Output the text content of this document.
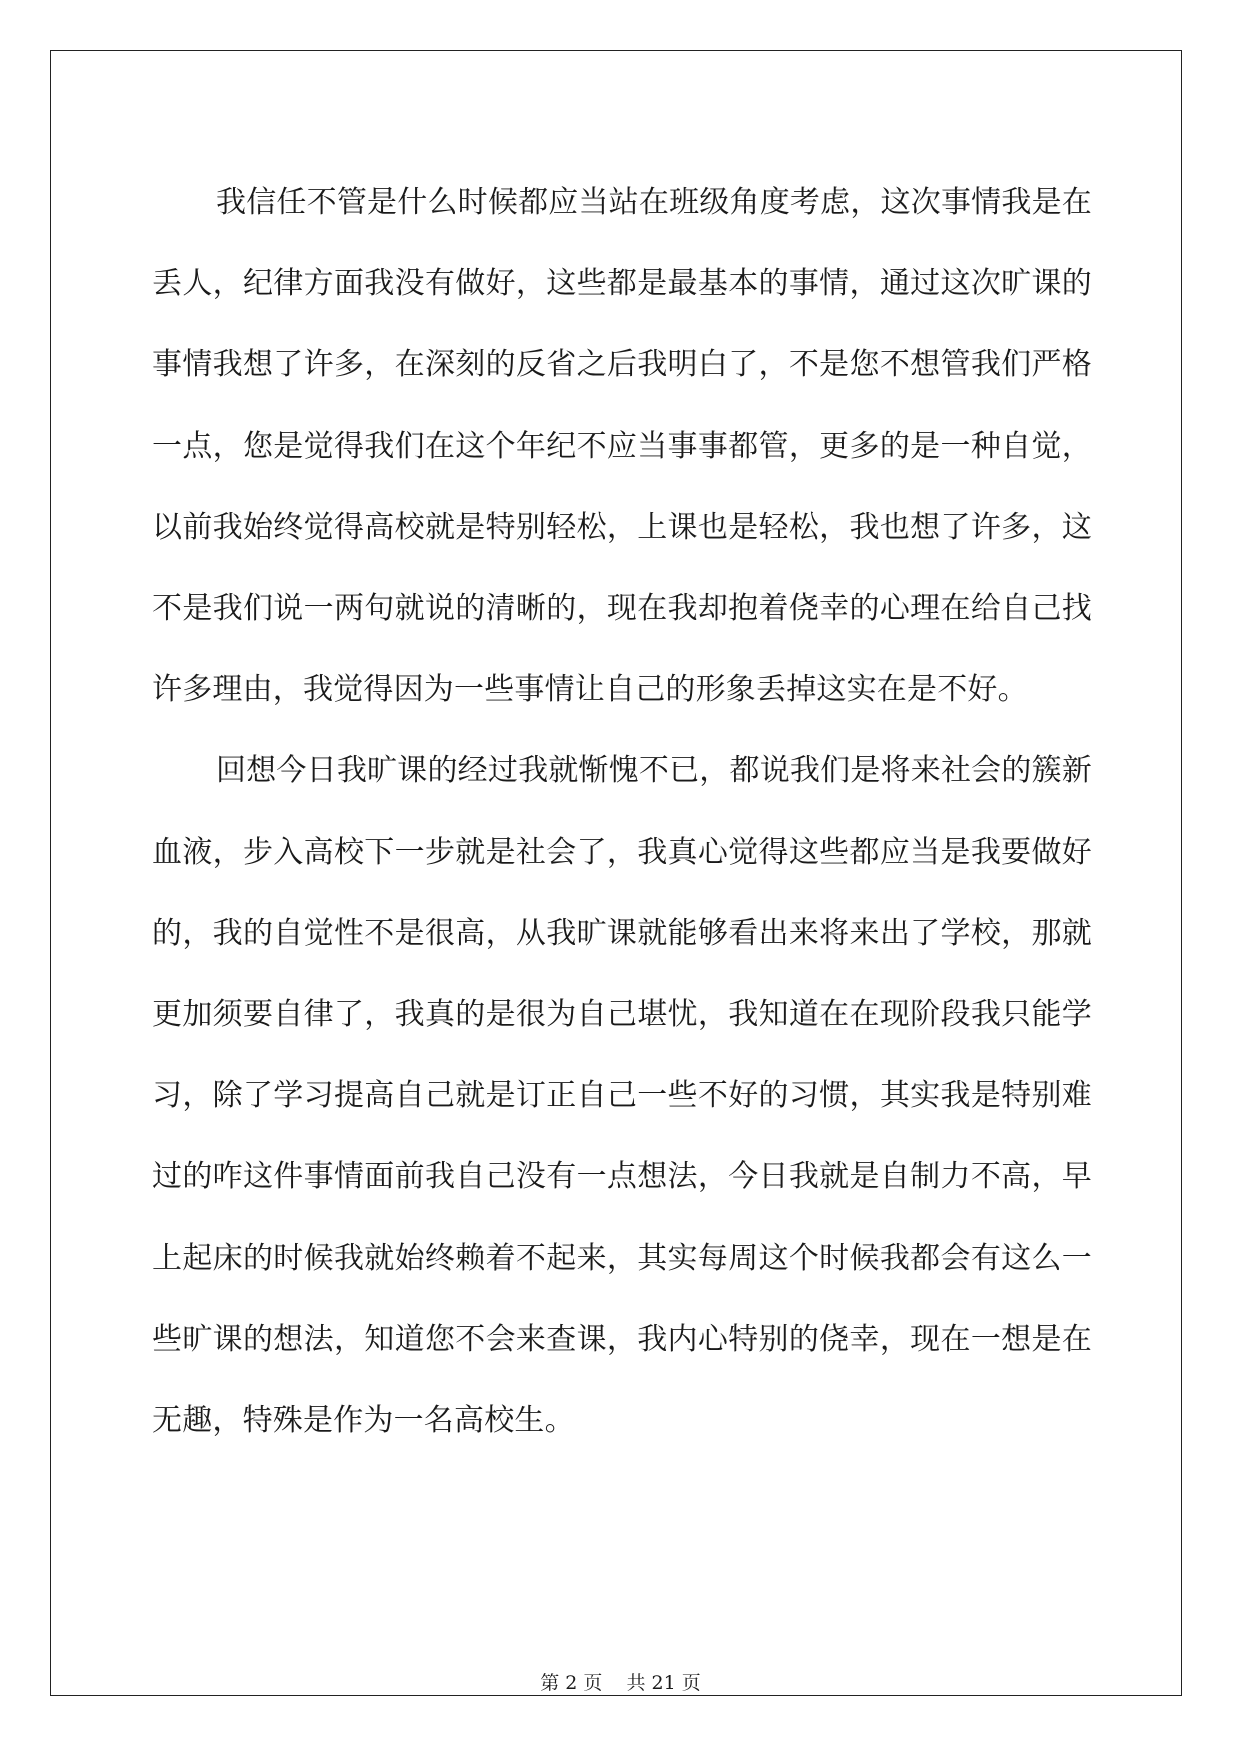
我信任不管是什么时候都应当站在班级角度考虑，这次事情我是在丢人，纪律方面我没有做好，这些都是最基本的事情，通过这次旷课的事情我想了许多，在深刻的反省之后我明白了，不是您不想管我们严格一点，您是觉得我们在这个年纪不应当事事都管，更多的是一种自觉，以前我始终觉得高校就是特别轻松，上课也是轻松，我也想了许多，这不是我们说一两句就说的清晰的，现在我却抱着侥幸的心理在给自己找许多理由，我觉得因为一些事情让自己的形象丢掉这实在是不好。

回想今日我旷课的经过我就惭愧不已，都说我们是将来社会的簇新血液，步入高校下一步就是社会了，我真心觉得这些都应当是我要做好的，我的自觉性不是很高，从我旷课就能够看出来将来出了学校，那就更加须要自律了，我真的是很为自己堪忧，我知道在在现阶段我只能学习，除了学习提高自己就是订正自己一些不好的习惯，其实我是特别难过的咋这件事情面前我自己没有一点想法，今日我就是自制力不高，早上起床的时候我就始终赖着不起来，其实每周这个时候我都会有这么一些旷课的想法，知道您不会来查课，我内心特别的侥幸，现在一想是在无趣，特殊是作为一名高校生。

第 2 页 共 21 页
